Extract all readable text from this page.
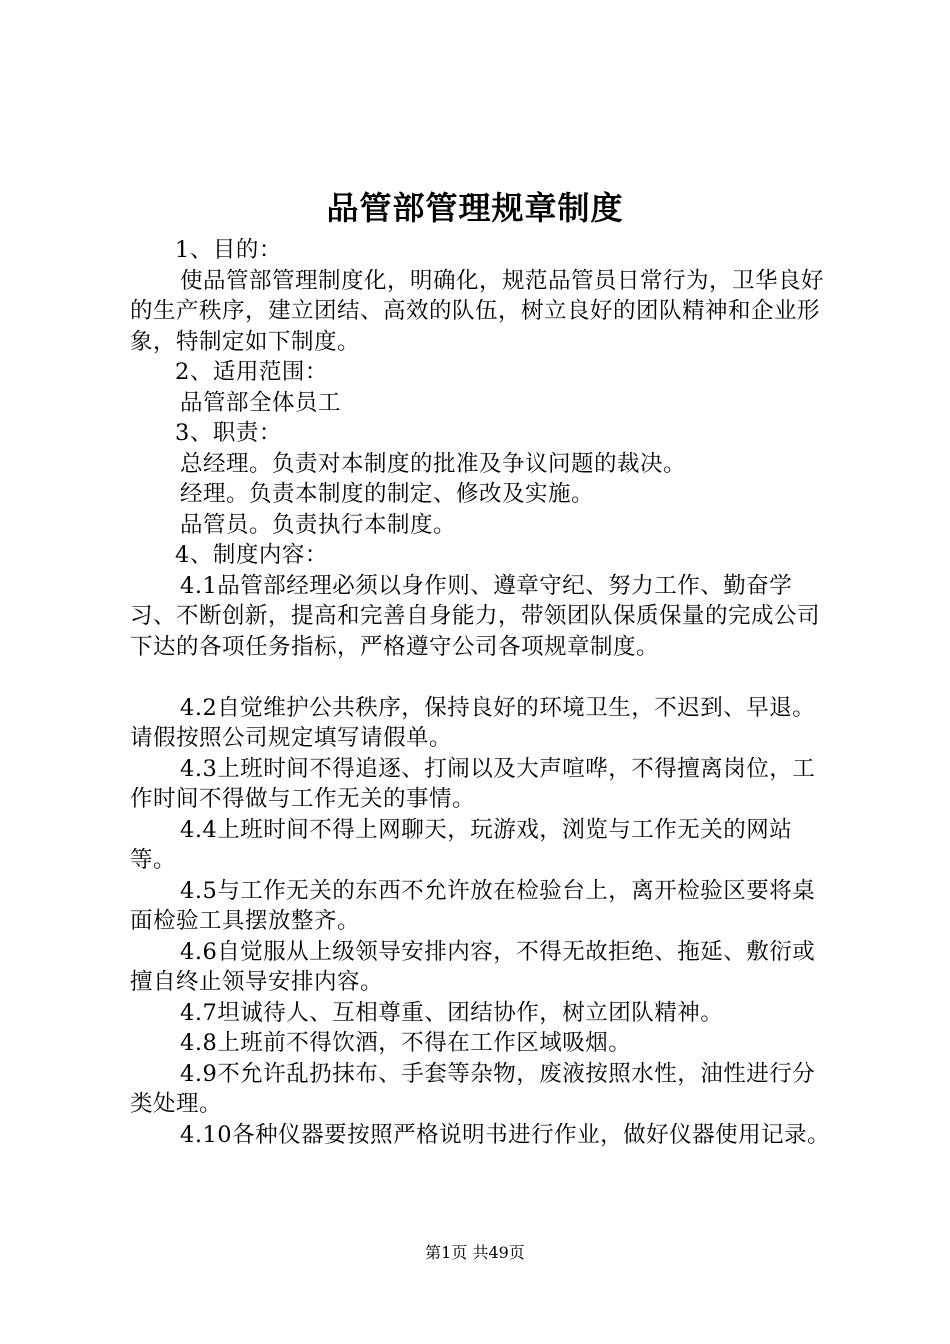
品管部管理规章制度

1、目的：

使品管部管理制度化，明确化，规范品管员日常行为，卫华良好的生产秩序，建立团结、高效的队伍，树立良好的团队精神和企业形象，特制定如下制度。

2、适用范围：

品管部全体员工

3、职责：

总经理。负责对本制度的批准及争议问题的裁决。

经理。负责本制度的制定、修改及实施。

品管员。负责执行本制度。

4、制度内容：

4.1品管部经理必须以身作则、遵章守纪、努力工作、勤奋学习、不断创新，提高和完善自身能力，带领团队保质保量的完成公司下达的各项任务指标，严格遵守公司各项规章制度。

4.2自觉维护公共秩序，保持良好的环境卫生，不迟到、早退。请假按照公司规定填写请假单。

4.3上班时间不得追逐、打闹以及大声喧哗，不得擅离岗位，工作时间不得做与工作无关的事情。

4.4上班时间不得上网聊天，玩游戏，浏览与工作无关的网站等。

4.5与工作无关的东西不允许放在检验台上，离开检验区要将桌面检验工具摆放整齐。

4.6自觉服从上级领导安排内容，不得无故拒绝、拖延、敷衍或擅自终止领导安排内容。

4.7坦诚待人、互相尊重、团结协作，树立团队精神。

4.8上班前不得饮酒，不得在工作区域吸烟。

4.9不允许乱扔抹布、手套等杂物，废液按照水性，油性进行分类处理。

4.10各种仪器要按照严格说明书进行作业，做好仪器使用记录。

第1页 共49页
